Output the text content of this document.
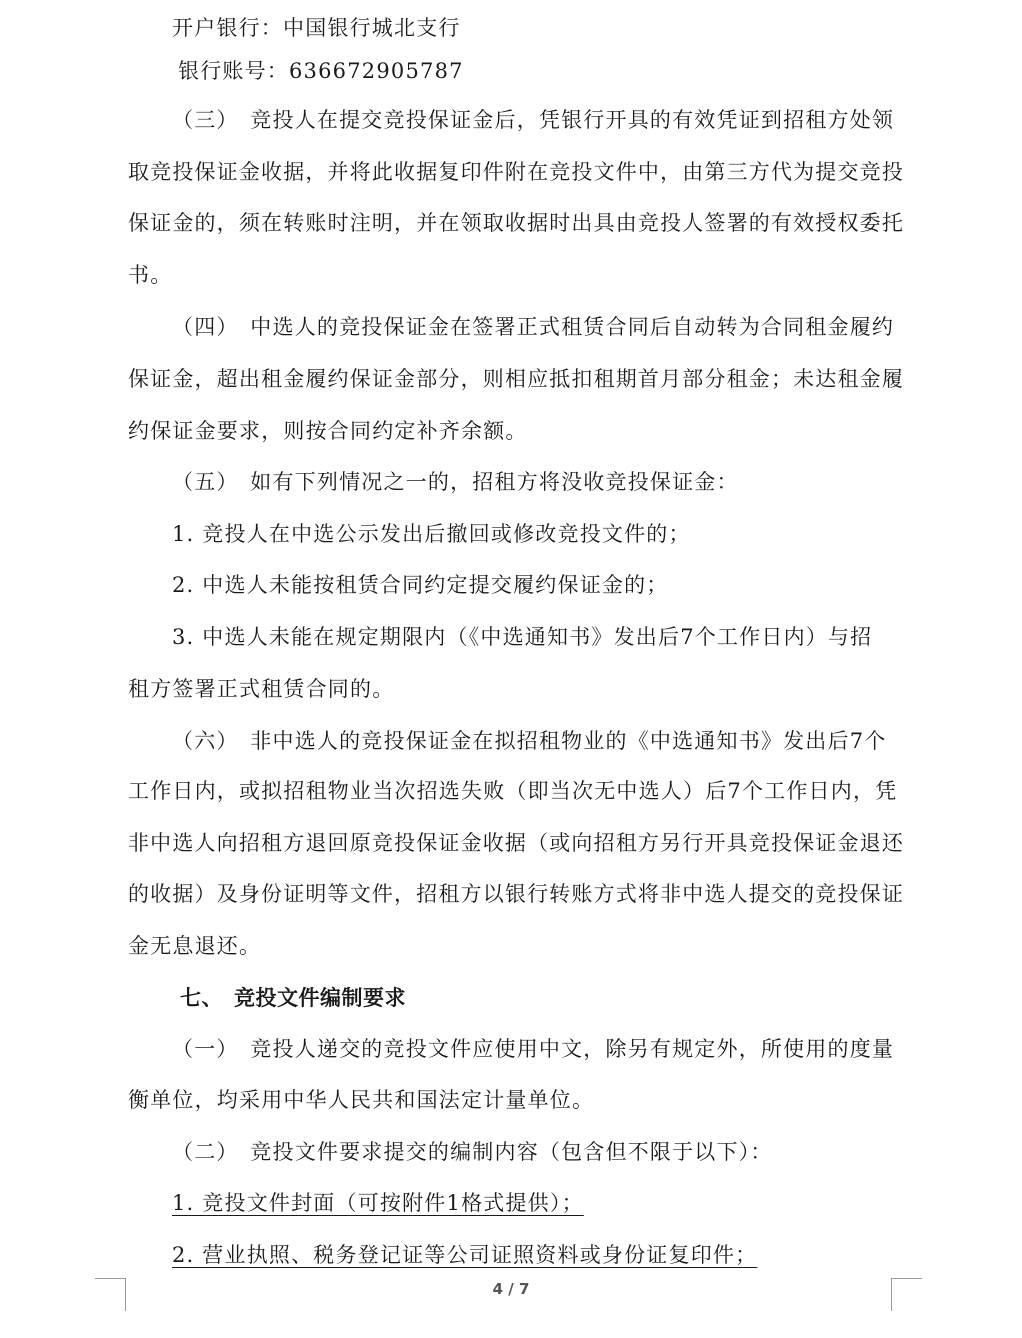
开户银行：中国银行城北支行
银行账号：636672905787
（三）　竞投人在提交竞投保证金后，凭银行开具的有效凭证到招租方处领
取竞投保证金收据，并将此收据复印件附在竞投文件中，由第三方代为提交竞投
保证金的，须在转账时注明，并在领取收据时出具由竞投人签署的有效授权委托
书。
（四）　中选人的竞投保证金在签署正式租赁合同后自动转为合同租金履约
保证金，超出租金履约保证金部分，则相应抵扣租期首月部分租金；未达租金履
约保证金要求，则按合同约定补齐余额。
（五）　如有下列情况之一的，招租方将没收竞投保证金：
1. 竞投人在中选公示发出后撤回或修改竞投文件的；
2. 中选人未能按租赁合同约定提交履约保证金的；
3. 中选人未能在规定期限内（《中选通知书》发出后7个工作日内）与招
租方签署正式租赁合同的。
（六）　非中选人的竞投保证金在拟招租物业的《中选通知书》发出后7个
工作日内，或拟招租物业当次招选失败（即当次无中选人）后7个工作日内，凭
非中选人向招租方退回原竞投保证金收据（或向招租方另行开具竞投保证金退还
的收据）及身份证明等文件，招租方以银行转账方式将非中选人提交的竞投保证
金无息退还。
七、　竞投文件编制要求
（一）　竞投人递交的竞投文件应使用中文，除另有规定外，所使用的度量
衡单位，均采用中华人民共和国法定计量单位。
（二）　竞投文件要求提交的编制内容（包含但不限于以下）：
1. 竞投文件封面（可按附件1格式提供）；
2. 营业执照、税务登记证等公司证照资料或身份证复印件；
4 / 7
